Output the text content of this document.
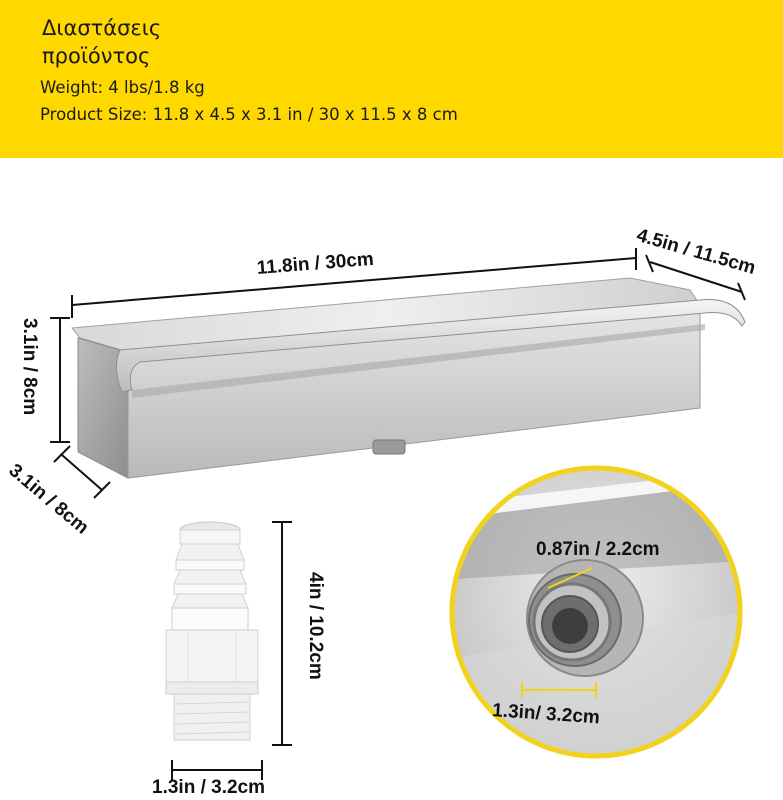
Διαστάσεις
προϊόντος
Weight: 4 lbs/1.8 kg
Product Size: 11.8 x 4.5 x 3.1 in / 30 x 11.5 x 8 cm
11.8in / 30cm	4.5in / 11.5cm
3.1in / 8cm
3.1in / 8cm
4in / 10.2cm
1.3in / 3.2cm
0.87in / 2.2cm
1.3in/ 3.2cm
